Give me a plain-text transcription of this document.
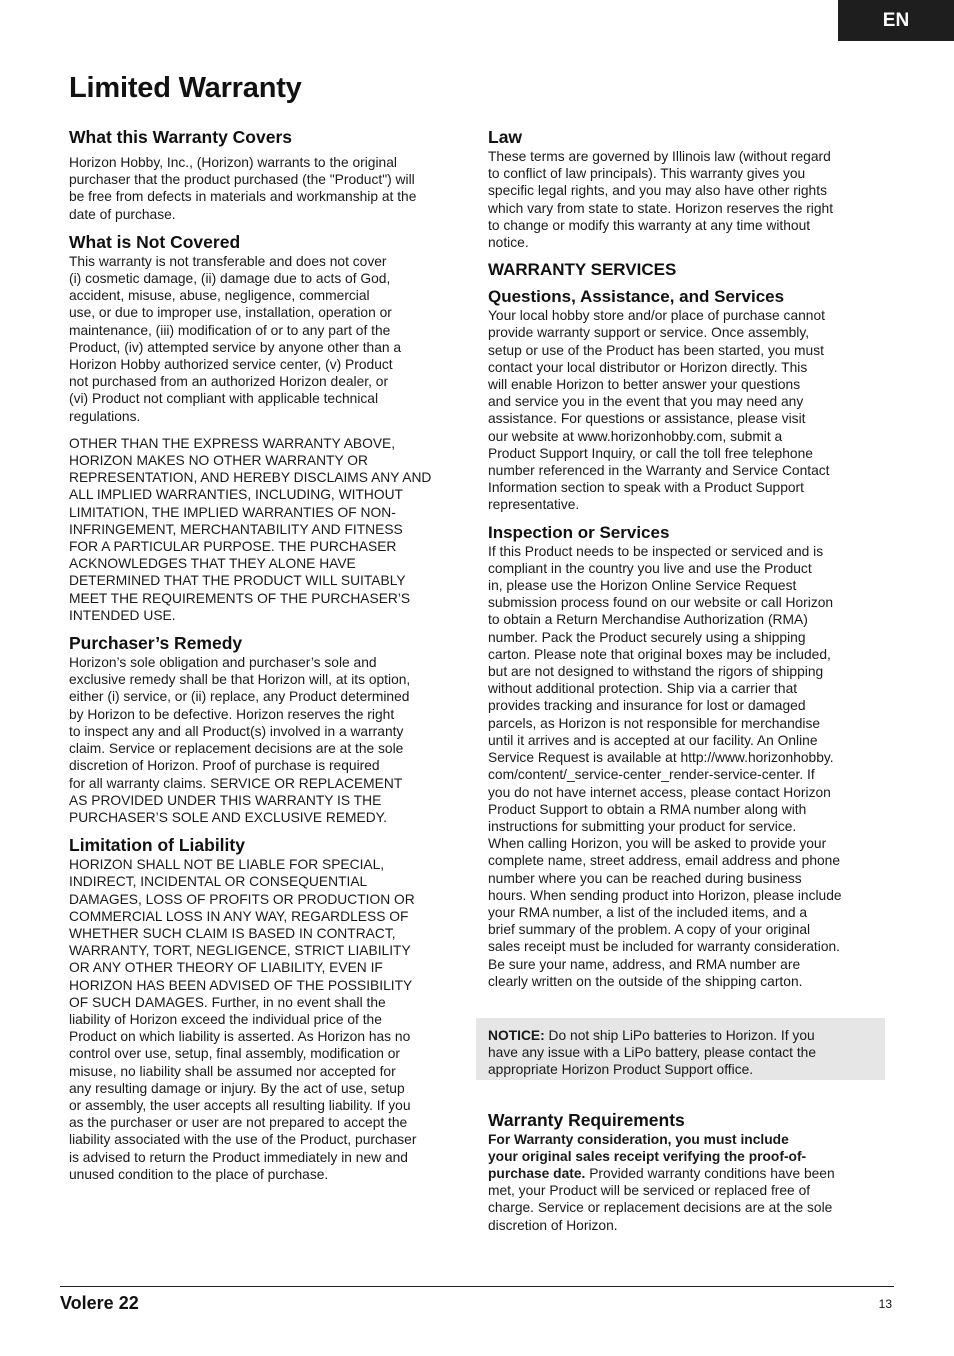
EN
Limited Warranty
What this Warranty Covers

Horizon Hobby, Inc., (Horizon) warrants to the original
purchaser that the product purchased (the "Product") will
be free from defects in materials and workmanship at the
date of purchase.

What is Not Covered

This warranty is not transferable and does not cover
(i) cosmetic damage, (ii) damage due to acts of God,
accident, misuse, abuse, negligence, commercial
use, or due to improper use, installation, operation or
maintenance, (iii) modification of or to any part of the
Product, (iv) attempted service by anyone other than a
Horizon Hobby authorized service center, (v) Product
not purchased from an authorized Horizon dealer, or
(vi) Product not compliant with applicable technical
regulations.

OTHER THAN THE EXPRESS WARRANTY ABOVE,
HORIZON MAKES NO OTHER WARRANTY OR
REPRESENTATION, AND HEREBY DISCLAIMS ANY AND
ALL IMPLIED WARRANTIES, INCLUDING, WITHOUT
LIMITATION, THE IMPLIED WARRANTIES OF NON-
INFRINGEMENT, MERCHANTABILITY AND FITNESS
FOR A PARTICULAR PURPOSE. THE PURCHASER
ACKNOWLEDGES THAT THEY ALONE HAVE
DETERMINED THAT THE PRODUCT WILL SUITABLY
MEET THE REQUIREMENTS OF THE PURCHASER’S
INTENDED USE.

Purchaser’s Remedy

Horizon’s sole obligation and purchaser’s sole and
exclusive remedy shall be that Horizon will, at its option,
either (i) service, or (ii) replace, any Product determined
by Horizon to be defective. Horizon reserves the right
to inspect any and all Product(s) involved in a warranty
claim. Service or replacement decisions are at the sole
discretion of Horizon. Proof of purchase is required
for all warranty claims. SERVICE OR REPLACEMENT
AS PROVIDED UNDER THIS WARRANTY IS THE
PURCHASER’S SOLE AND EXCLUSIVE REMEDY.

Limitation of Liability

HORIZON SHALL NOT BE LIABLE FOR SPECIAL,
INDIRECT, INCIDENTAL OR CONSEQUENTIAL
DAMAGES, LOSS OF PROFITS OR PRODUCTION OR
COMMERCIAL LOSS IN ANY WAY, REGARDLESS OF
WHETHER SUCH CLAIM IS BASED IN CONTRACT,
WARRANTY, TORT, NEGLIGENCE, STRICT LIABILITY
OR ANY OTHER THEORY OF LIABILITY, EVEN IF
HORIZON HAS BEEN ADVISED OF THE POSSIBILITY
OF SUCH DAMAGES. Further, in no event shall the
liability of Horizon exceed the individual price of the
Product on which liability is asserted. As Horizon has no
control over use, setup, final assembly, modification or
misuse, no liability shall be assumed nor accepted for
any resulting damage or injury. By the act of use, setup
or assembly, the user accepts all resulting liability. If you
as the purchaser or user are not prepared to accept the
liability associated with the use of the Product, purchaser
is advised to return the Product immediately in new and
unused condition to the place of purchase.

Law

These terms are governed by Illinois law (without regard
to conflict of law principals). This warranty gives you
specific legal rights, and you may also have other rights
which vary from state to state. Horizon reserves the right
to change or modify this warranty at any time without
notice.

WARRANTY SERVICES
Questions, Assistance, and Services

Your local hobby store and/or place of purchase cannot
provide warranty support or service. Once assembly,
setup or use of the Product has been started, you must
contact your local distributor or Horizon directly. This
will enable Horizon to better answer your questions
and service you in the event that you may need any
assistance. For questions or assistance, please visit
our website at www.horizonhobby.com, submit a
Product Support Inquiry, or call the toll free telephone
number referenced in the Warranty and Service Contact
Information section to speak with a Product Support
representative.

Inspection or Services

If this Product needs to be inspected or serviced and is
compliant in the country you live and use the Product
in, please use the Horizon Online Service Request
submission process found on our website or call Horizon
to obtain a Return Merchandise Authorization (RMA)
number. Pack the Product securely using a shipping
carton. Please note that original boxes may be included,
but are not designed to withstand the rigors of shipping
without additional protection. Ship via a carrier that
provides tracking and insurance for lost or damaged
parcels, as Horizon is not responsible for merchandise
until it arrives and is accepted at our facility. An Online
Service Request is available at http://www.horizonhobby.
com/content/_service-center_render-service-center. If
you do not have internet access, please contact Horizon
Product Support to obtain a RMA number along with
instructions for submitting your product for service.
When calling Horizon, you will be asked to provide your
complete name, street address, email address and phone
number where you can be reached during business
hours. When sending product into Horizon, please include
your RMA number, a list of the included items, and a
brief summary of the problem. A copy of your original
sales receipt must be included for warranty consideration.
Be sure your name, address, and RMA number are
clearly written on the outside of the shipping carton.

NOTICE: Do not ship LiPo batteries to Horizon. If you
have any issue with a LiPo battery, please contact the
appropriate Horizon Product Support office.

Warranty Requirements

For Warranty consideration, you must include
your original sales receipt verifying the proof-of-
purchase date. Provided warranty conditions have been
met, your Product will be serviced or replaced free of
charge. Service or replacement decisions are at the sole
discretion of Horizon.

Volere 22	13
